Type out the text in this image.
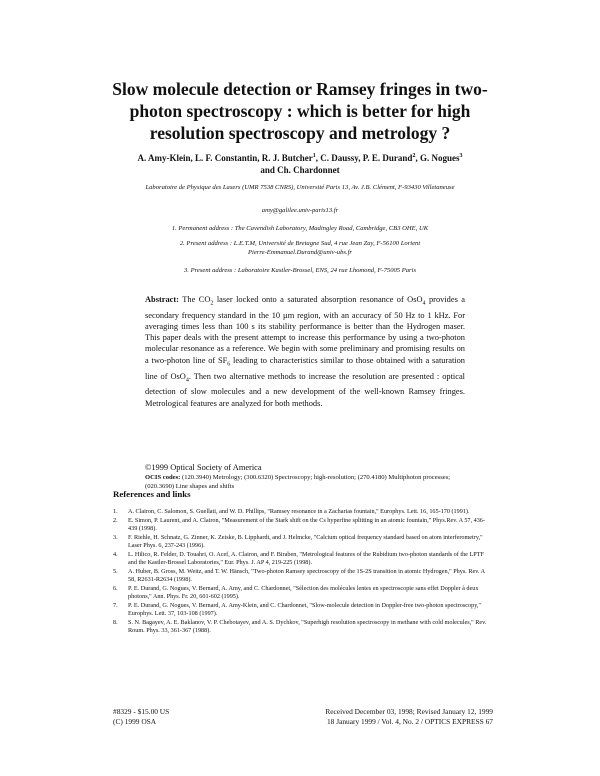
Slow molecule detection or Ramsey fringes in two-photon spectroscopy : which is better for high resolution spectroscopy and metrology ?
A. Amy-Klein, L. F. Constantin, R. J. Butcher$^1$, C. Daussy, P. E. Durand$^2$, G. Nogues$^3$
and Ch. Chardonnet
Laboratoire de Physique des Lasers (UMR 7538 CNRS), Université Paris 13, Av. J.B. Clément, F-93430 Villetaneuse
amy@galilee.univ-paris13.fr
1. Permanent address : The Cavendish Laboratory, Madingley Road, Cambridge, CB3 OHE, UK
2. Present address : L.E.T.M, Université de Bretagne Sud, 4 rue Jean Zay, F-56100 Lorient
Pierre-Emmanuel.Durand@univ-ubs.fr
3. Present address : Laboratoire Kastler-Brossel, ENS, 24 rue Lhomond, F-75005 Paris
Abstract: The $CO_2$ laser locked onto a saturated absorption resonance of OsO$_4$ provides a secondary frequency standard in the 10 µm region, with an accuracy of 50 Hz to 1 kHz. For averaging times less than 100 s its stability performance is better than the Hydrogen maser. This paper deals with the present attempt to increase this performance by using a two-photon molecular resonance as a reference. We begin with some preliminary and promising results on a two-photon line of $SF_6$ leading to characteristics similar to those obtained with a saturation line of OsO$_4$. Then two alternative methods to increase the resolution are presented : optical detection of slow molecules and a new development of the well-known Ramsey fringes. Metrological features are analyzed for both methods.
©1999 Optical Society of America
OCIS codes: (120.3940) Metrology; (300.6320) Spectroscopy; high-resolution; (270.4180) Multiphoton processes; (020.3690) Line shapes and shifts
References and links
1.	A. Clairon, C. Salomon, S. Guellati, and W. D. Phillips, "Ramsey resonance in a Zacharias fountain," Europhys. Lett. 16, 165-170 (1991).
2.	E. Simon, P. Laurent, and A. Clairon, "Measurement of the Stark shift on the Cs hyperfine splitting in an atomic fountain," Phys.Rev. A 57, 436-439 (1998).
3.	F. Riehle, H. Schnatz, G. Zinner, K. Zeiske, B. Lipphardt, and J. Helmcke, "Calcium optical frequency standard based on atom interferometry," Laser Phys. 6, 237-243 (1996).
4.	L. Hilico, R. Felder, D. Touahri, O. Acef, A. Clairon, and F. Biraben, "Metrological features of the Rubidium two-photon standards of the LPTF and the Kastler-Brossel Laboratories," Eur. Phys. J. AP 4, 219-225 (1998).
5.	A. Huber, B. Gross, M. Weitz, and T. W. Hänsch, "Two-photon Ramsey spectroscopy of the 1S-2S transition in atomic Hydrogen," Phys. Rev. A 58, R2631-R2634 (1998).
6.	P. E. Durand, G. Nogues, V. Bernard, A. Amy, and C. Chardonnet, "Sélection des molécules lentes en spectroscopie sans effet Doppler à deux photons," Ann. Phys. Fr. 20, 601-602 (1995).
7.	P. E. Durand, G. Nogues, V. Bernard, A. Amy-Klein, and C. Chardonnet, "Slow-molecule detection in Doppler-free two-photon spectroscopy," Europhys. Lett. 37, 103-108 (1997).
8.	S. N. Bagayev, A. E. Baklanov, V. P. Chebotayev, and A. S. Dychkov, "Superhigh resolution spectroscopy in methane with cold molecules," Rev. Roum. Phys. 33, 361-367 (1988).
#8329 - $15.00 US	Received December 03, 1998; Revised January 12, 1999
(C) 1999 OSA	18 January 1999 / Vol. 4, No. 2 / OPTICS EXPRESS 67
